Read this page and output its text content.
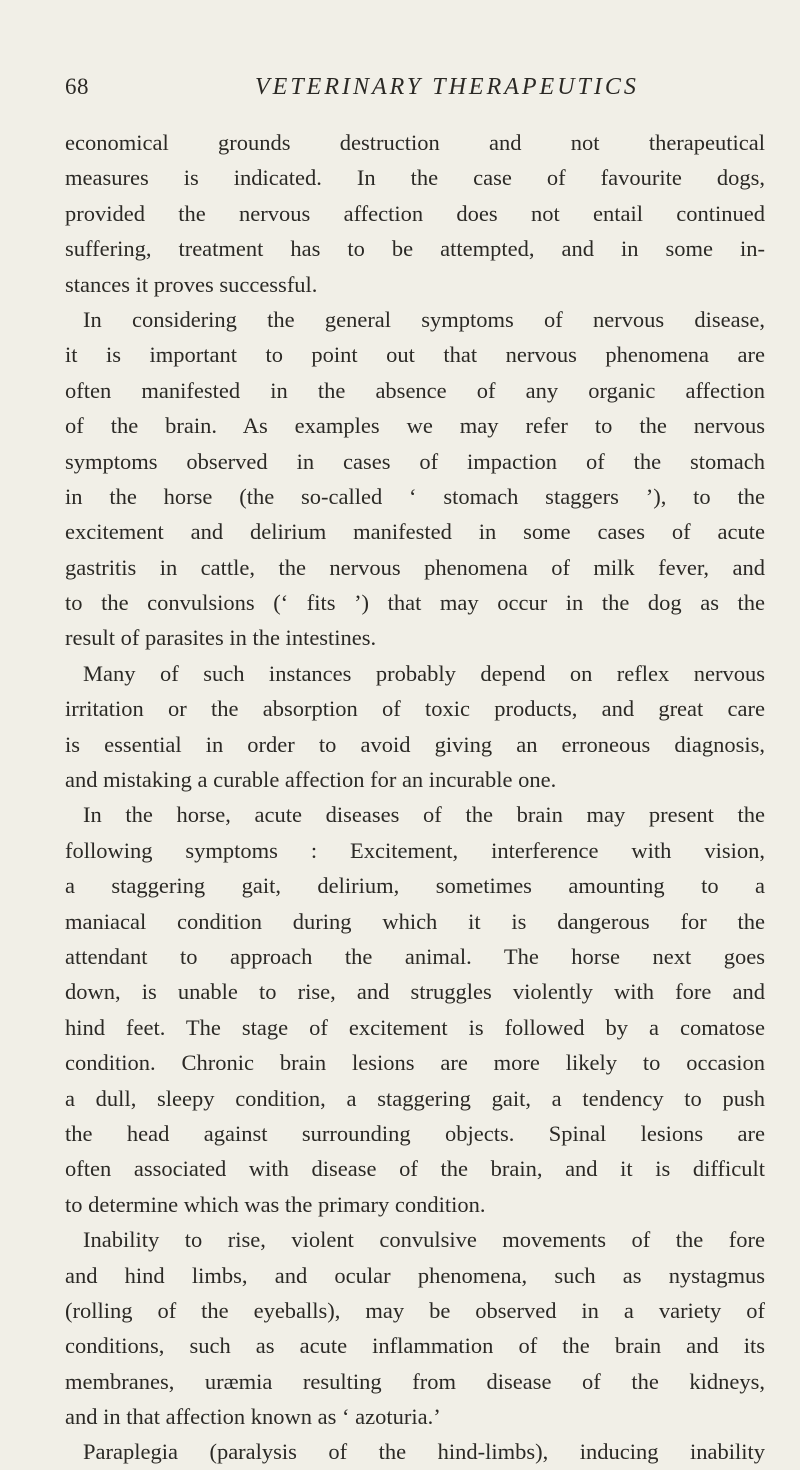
68	VETERINARY THERAPEUTICS
economical grounds destruction and not therapeutical
measures is indicated. In the case of favourite dogs,
provided the nervous affection does not entail continued
suffering, treatment has to be attempted, and in some in-
stances it proves successful.
In considering the general symptoms of nervous disease,
it is important to point out that nervous phenomena are
often manifested in the absence of any organic affection
of the brain. As examples we may refer to the nervous
symptoms observed in cases of impaction of the stomach
in the horse (the so-called ‘ stomach staggers ’), to the
excitement and delirium manifested in some cases of acute
gastritis in cattle, the nervous phenomena of milk fever, and
to the convulsions (‘ fits ’) that may occur in the dog as the
result of parasites in the intestines.
Many of such instances probably depend on reflex nervous
irritation or the absorption of toxic products, and great care
is essential in order to avoid giving an erroneous diagnosis,
and mistaking a curable affection for an incurable one.
In the horse, acute diseases of the brain may present the
following symptoms : Excitement, interference with vision,
a staggering gait, delirium, sometimes amounting to a
maniacal condition during which it is dangerous for the
attendant to approach the animal. The horse next goes
down, is unable to rise, and struggles violently with fore and
hind feet. The stage of excitement is followed by a comatose
condition. Chronic brain lesions are more likely to occasion
a dull, sleepy condition, a staggering gait, a tendency to push
the head against surrounding objects. Spinal lesions are
often associated with disease of the brain, and it is difficult
to determine which was the primary condition.
Inability to rise, violent convulsive movements of the fore
and hind limbs, and ocular phenomena, such as nystagmus
(rolling of the eyeballs), may be observed in a variety of
conditions, such as acute inflammation of the brain and its
membranes, uræmia resulting from disease of the kidneys,
and in that affection known as ‘ azoturia.’
Paraplegia (paralysis of the hind-limbs), inducing inability
